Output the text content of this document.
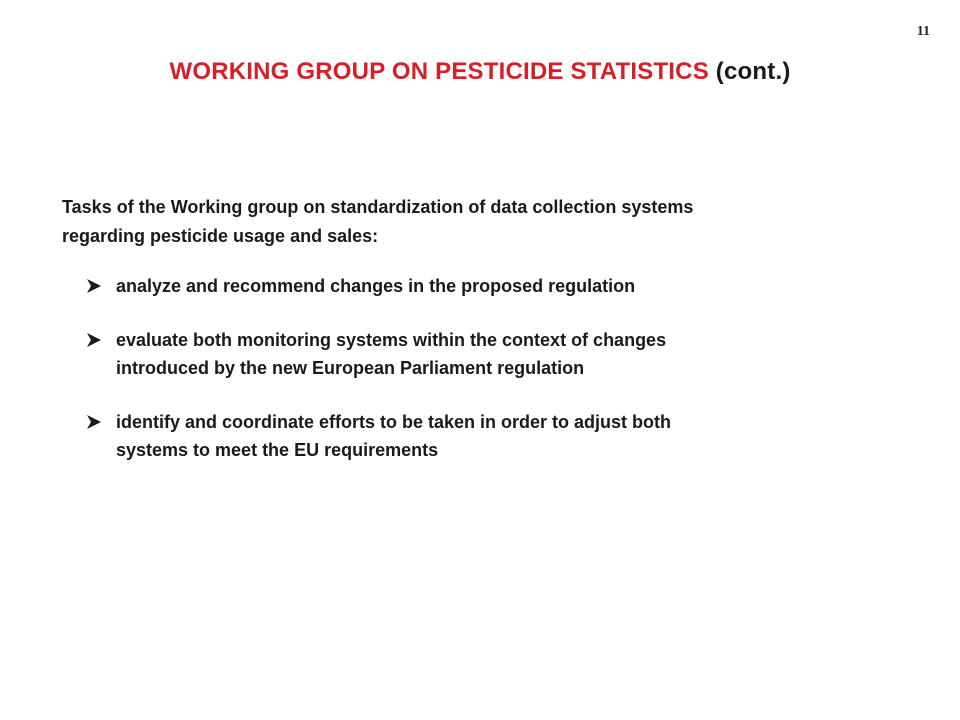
11
WORKING GROUP ON PESTICIDE STATISTICS (cont.)

Tasks of the Working group on standardization of data collection systems
regarding pesticide usage and sales:

analyze and recommend changes in the proposed regulation
evaluate both monitoring systems within the context of changes
introduced by the new European Parliament regulation
identify and coordinate efforts to be taken in order to adjust both
systems to meet the EU requirements
